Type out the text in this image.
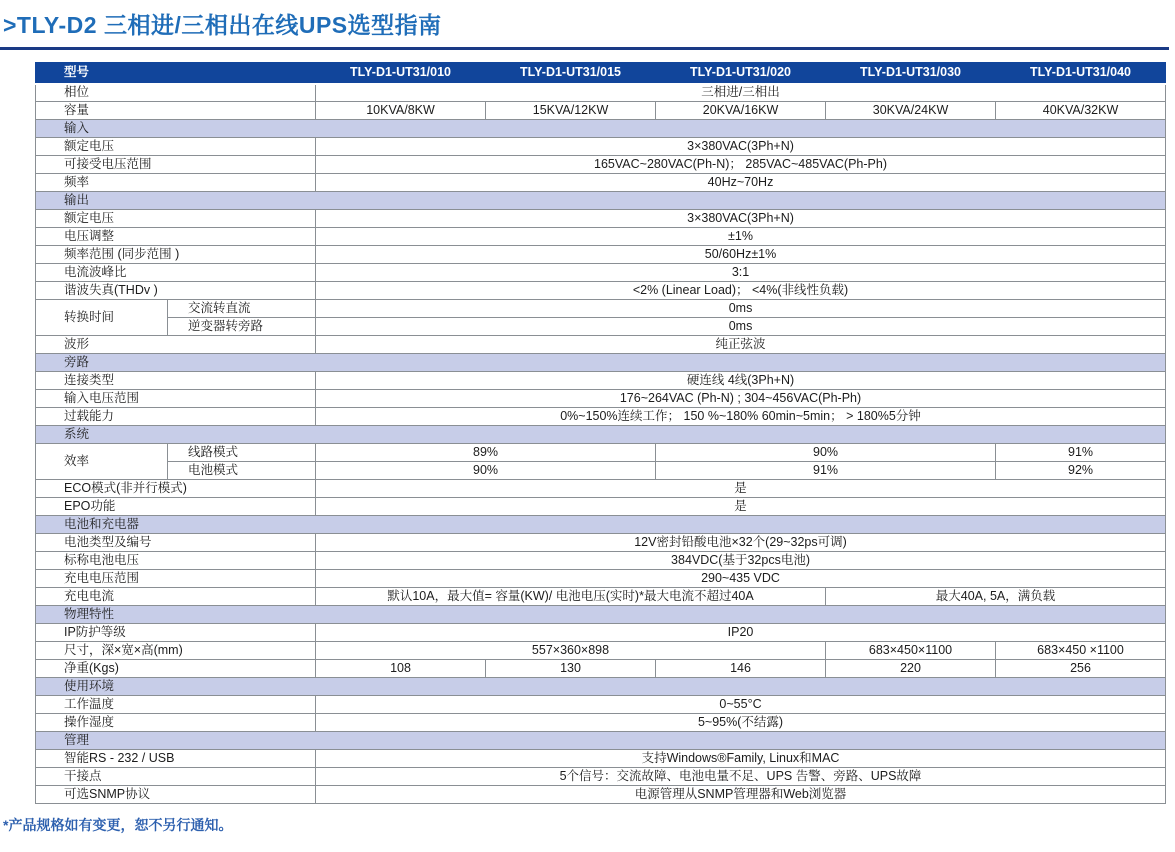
>TLY-D2 三相进/三相出在线UPS选型指南
型号		TLY-D1-UT31/010	TLY-D1-UT31/015	TLY-D1-UT31/020	TLY-D1-UT31/030	TLY-D1-UT31/040
相位		三相进/三相出				
容量		10KVA/8KW	15KVA/12KW	20KVA/16KW	30KVA/24KW	40KVA/32KW
输入						
额定电压		3×380VAC(3Ph+N)				
可接受电压范围		165VAC~280VAC(Ph-N)； 285VAC~485VAC(Ph-Ph)				
频率		40Hz~70Hz				
输出						
额定电压		3×380VAC(3Ph+N)				
电压调整		±1%				
频率范围 (同步范围 )		50/60Hz±1%				
电流波峰比		3:1				
谐波失真(THDv )		<2% (Linear Load)； <4%(非线性负载)				
转换时间	交流转直流	0ms				
	逆变器转旁路	0ms				
波形		纯正弦波				
旁路						
连接类型		硬连线 4线(3Ph+N)				
输入电压范围		176~264VAC (Ph-N) ; 304~456VAC(Ph-Ph)				
过载能力		0%~150%连续工作； 150 %~180% 60min~5min； > 180%5分钟				
系统						
效率	线路模式	89%		90%		91%
	电池模式	90%		91%		92%
ECO模式(非并行模式)		是				
EPO功能		是				
电池和充电器						
电池类型及编号		12V密封铅酸电池×32个(29~32ps可调)				
标称电池电压		384VDC(基于32pcs电池)				
充电电压范围		290~435 VDC				
充电电流		默认10A，最大值= 容量(KW)/ 电池电压(实时)*最大电流不超过40A			最大40A, 5A，满负载	
物理特性						
IP防护等级		IP20				
尺寸，深×宽×高(mm)		557×360×898			683×450×1100	683×450 ×1100
净重(Kgs)		108	130	146	220	256
使用环境						
工作温度		0~55°C				
操作湿度		5~95%(不结露)				
管理						
智能RS - 232 / USB		支持Windows®Family, Linux和MAC				
干接点		5个信号：交流故障、电池电量不足、UPS 告警、旁路、UPS故障				
可选SNMP协议		电源管理从SNMP管理器和Web浏览器				
*产品规格如有变更，恕不另行通知。
